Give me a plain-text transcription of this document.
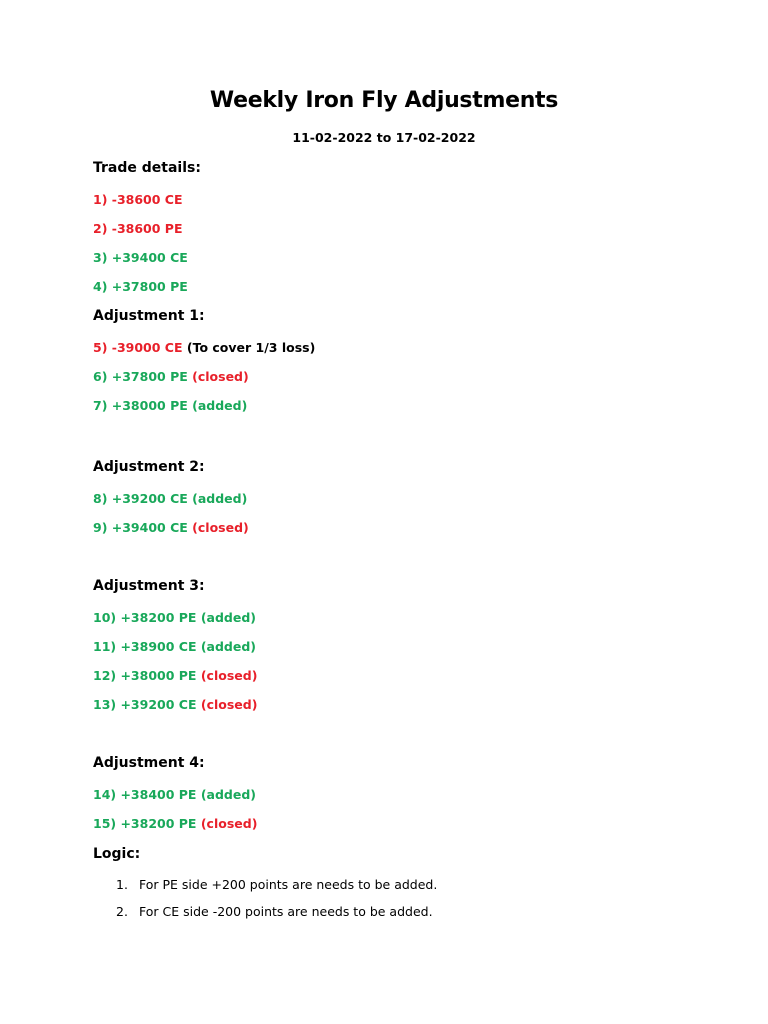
Weekly Iron Fly Adjustments
11-02-2022 to 17-02-2022
Trade details:
1) -38600 CE
2) -38600 PE
3) +39400 CE
4) +37800 PE
Adjustment 1:
5) -39000 CE (To cover 1/3 loss)
6) +37800 PE (closed)
7) +38000 PE (added)
Adjustment 2:
8) +39200 CE (added)
9) +39400 CE (closed)
Adjustment 3:
10) +38200 PE (added)
11) +38900 CE (added)
12) +38000 PE (closed)
13) +39200 CE (closed)
Adjustment 4:
14) +38400 PE (added)
15) +38200 PE (closed)
Logic:
1. For PE side +200 points are needs to be added.
2. For CE side -200 points are needs to be added.
